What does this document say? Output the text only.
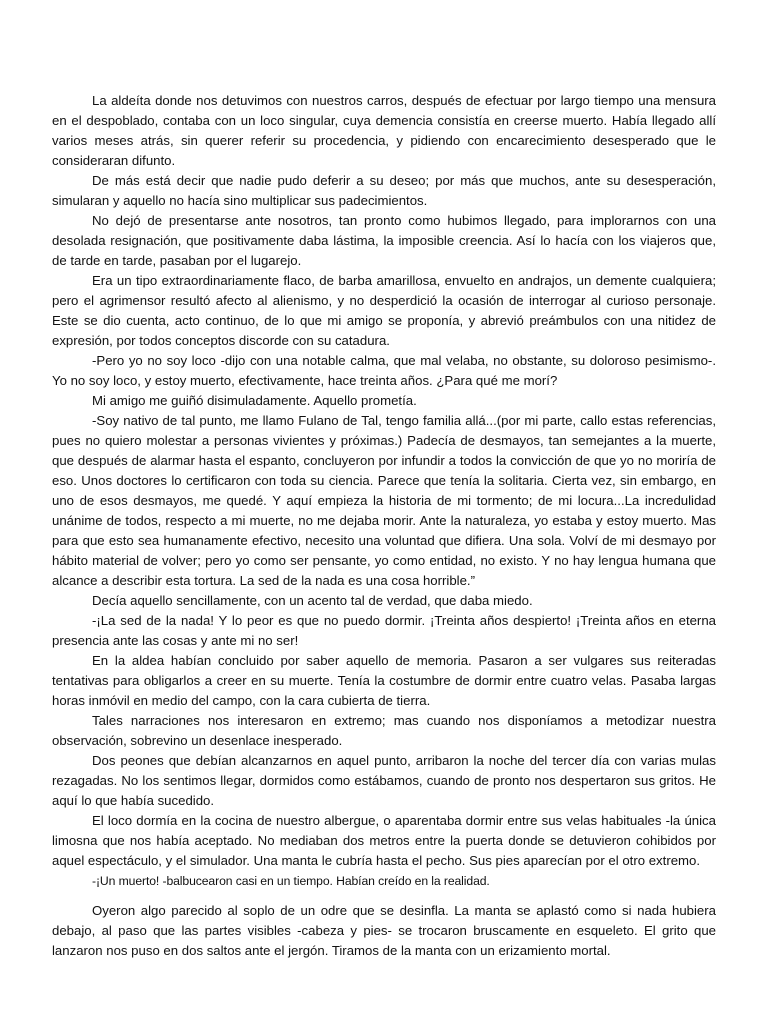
La aldeíta donde nos detuvimos con nuestros carros, después de efectuar por largo tiempo una mensura en el despoblado, contaba con un loco singular, cuya demencia consistía en creerse muerto. Había llegado allí varios meses atrás, sin querer referir su procedencia, y pidiendo con encarecimiento desesperado que le consideraran difunto.

De más está decir que nadie pudo deferir a su deseo; por más que muchos, ante su desesperación, simularan y aquello no hacía sino multiplicar sus padecimientos.

No dejó de presentarse ante nosotros, tan pronto como hubimos llegado, para implorarnos con una desolada resignación, que positivamente daba lástima, la imposible creencia. Así lo hacía con los viajeros que, de tarde en tarde, pasaban por el lugarejo.

Era un tipo extraordinariamente flaco, de barba amarillosa, envuelto en andrajos, un demente cualquiera; pero el agrimensor resultó afecto al alienismo, y no desperdició la ocasión de interrogar al curioso personaje. Este se dio cuenta, acto continuo, de lo que mi amigo se proponía, y abrevió preámbulos con una nitidez de expresión, por todos conceptos discorde con su catadura.

-Pero yo no soy loco -dijo con una notable calma, que mal velaba, no obstante, su doloroso pesimismo-. Yo no soy loco, y estoy muerto, efectivamente, hace treinta años. ¿Para qué me morí?

Mi amigo me guiñó disimuladamente. Aquello prometía.

-Soy nativo de tal punto, me llamo Fulano de Tal, tengo familia allá...(por mi parte, callo estas referencias, pues no quiero molestar a personas vivientes y próximas.) Padecía de desmayos, tan semejantes a la muerte, que después de alarmar hasta el espanto, concluyeron por infundir a todos la convicción de que yo no moriría de eso. Unos doctores lo certificaron con toda su ciencia. Parece que tenía la solitaria. Cierta vez, sin embargo, en uno de esos desmayos, me quedé. Y aquí empieza la historia de mi tormento; de mi locura...La incredulidad unánime de todos, respecto a mi muerte, no me dejaba morir. Ante la naturaleza, yo estaba y estoy muerto. Mas para que esto sea humanamente efectivo, necesito una voluntad que difiera. Una sola. Volví de mi desmayo por hábito material de volver; pero yo como ser pensante, yo como entidad, no existo. Y no hay lengua humana que alcance a describir esta tortura. La sed de la nada es una cosa horrible.”

Decía aquello sencillamente, con un acento tal de verdad, que daba miedo.

-¡La sed de la nada! Y lo peor es que no puedo dormir. ¡Treinta años despierto! ¡Treinta años en eterna presencia ante las cosas y ante mi no ser!

En la aldea habían concluido por saber aquello de memoria. Pasaron a ser vulgares sus reiteradas tentativas para obligarlos a creer en su muerte. Tenía la costumbre de dormir entre cuatro velas. Pasaba largas horas inmóvil en medio del campo, con la cara cubierta de tierra.

Tales narraciones nos interesaron en extremo; mas cuando nos disponíamos a metodizar nuestra observación, sobrevino un desenlace inesperado.

Dos peones que debían alcanzarnos en aquel punto, arribaron la noche del tercer día con varias mulas rezagadas. No los sentimos llegar, dormidos como estábamos, cuando de pronto nos despertaron sus gritos. He aquí lo que había sucedido.

El loco dormía en la cocina de nuestro albergue, o aparentaba dormir entre sus velas habituales -la única limosna que nos había aceptado. No mediaban dos metros entre la puerta donde se detuvieron cohibidos por aquel espectáculo, y el simulador. Una manta le cubría hasta el pecho. Sus pies aparecían por el otro extremo.

-¡Un muerto! -balbucearon casi en un tiempo. Habían creído en la realidad.

Oyeron algo parecido al soplo de un odre que se desinfla. La manta se aplastó como si nada hubiera debajo, al paso que las partes visibles -cabeza y pies- se trocaron bruscamente en esqueleto. El grito que lanzaron nos puso en dos saltos ante el jergón. Tiramos de la manta con un erizamiento mortal.
